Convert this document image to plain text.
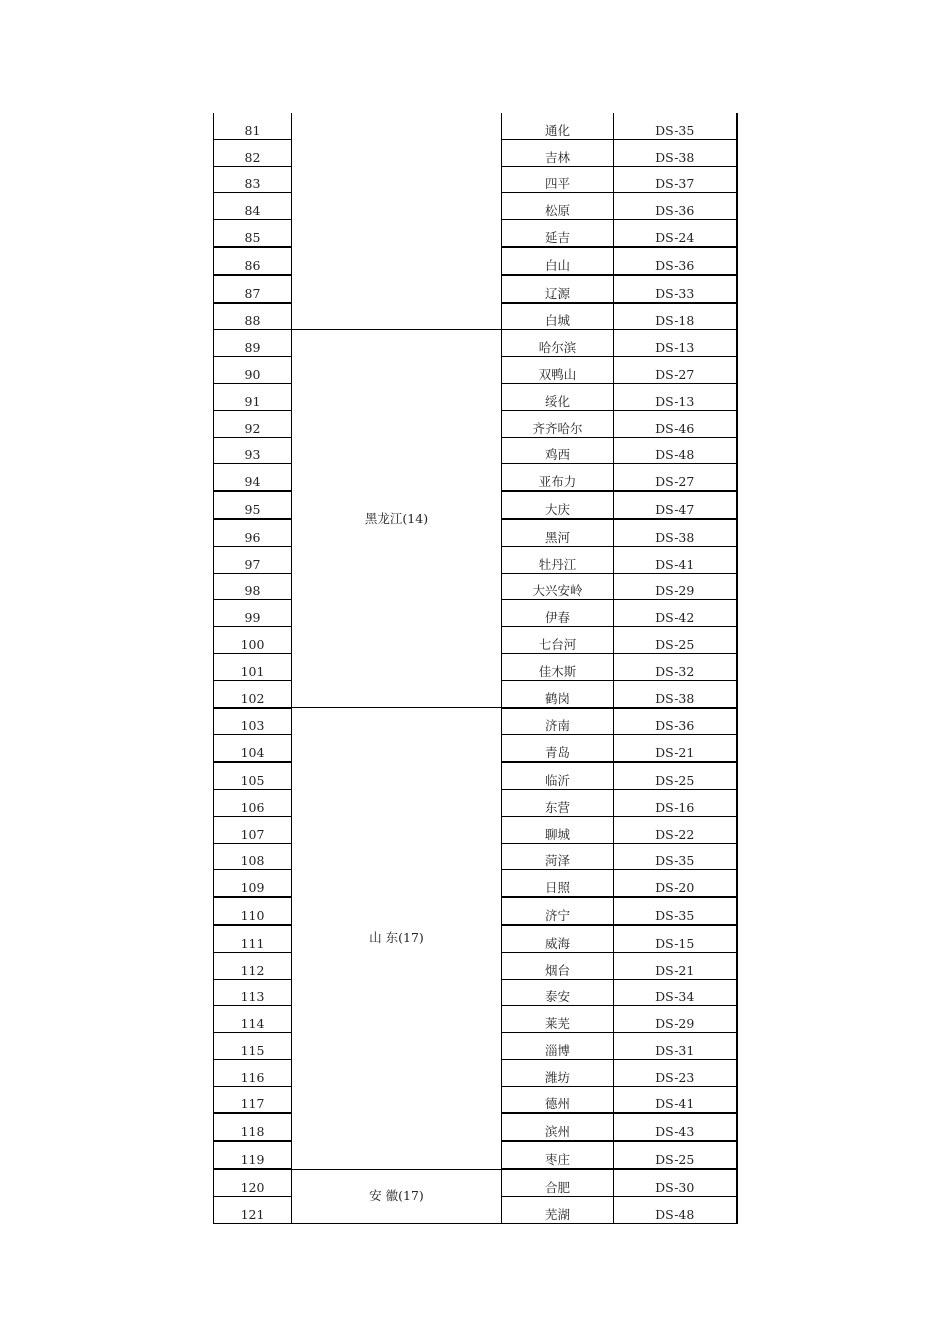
81		通化	DS-35
82		吉林	DS-38
83		四平	DS-37
84		松原	DS-36
85		延吉	DS-24
86		白山	DS-36
87		辽源	DS-33
88		白城	DS-18
89	黑龙江(14)	哈尔滨	DS-13
90		双鸭山	DS-27
91		绥化	DS-13
92		齐齐哈尔	DS-46
93		鸡西	DS-48
94		亚布力	DS-27
95		大庆	DS-47
96		黑河	DS-38
97		牡丹江	DS-41
98		大兴安岭	DS-29
99		伊春	DS-42
100		七台河	DS-25
101		佳木斯	DS-32
102		鹤岗	DS-38
103	山 东(17)	济南	DS-36
104		青岛	DS-21
105		临沂	DS-25
106		东营	DS-16
107		聊城	DS-22
108		菏泽	DS-35
109		日照	DS-20
110		济宁	DS-35
111		威海	DS-15
112		烟台	DS-21
113		泰安	DS-34
114		莱芜	DS-29
115		淄博	DS-31
116		潍坊	DS-23
117		德州	DS-41
118		滨州	DS-43
119		枣庄	DS-25
120	安 徽(17)	合肥	DS-30
121		芜湖	DS-48
